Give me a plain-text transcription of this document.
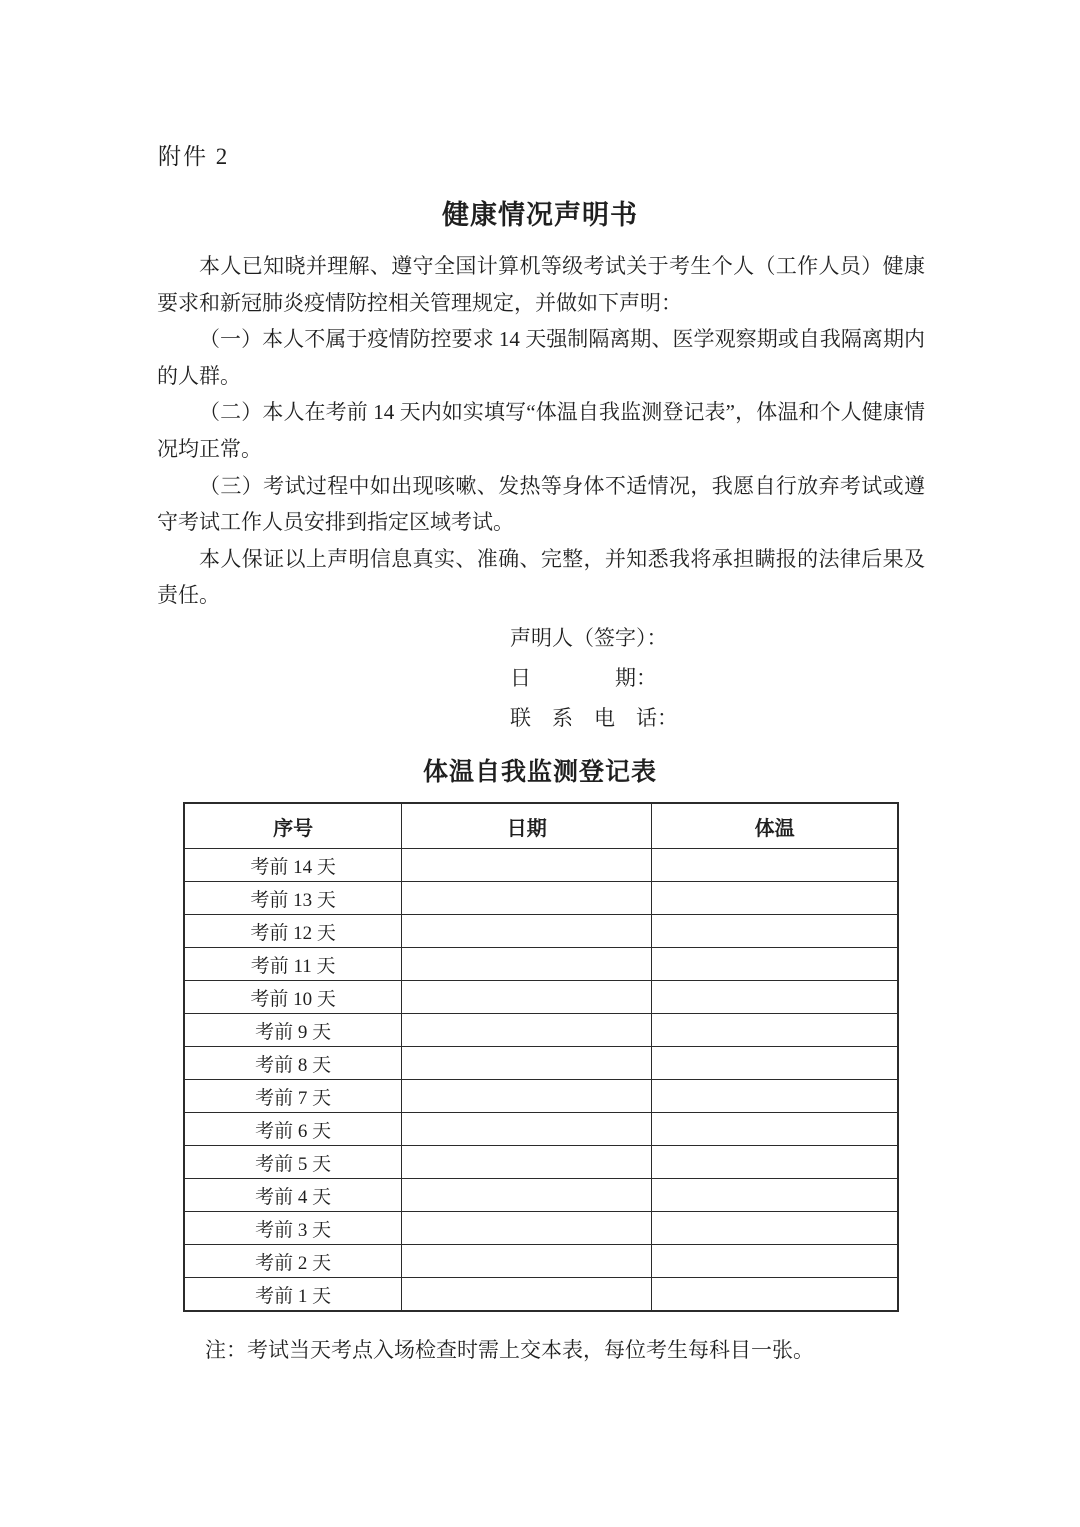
附件 2
健康情况声明书

本人已知晓并理解、遵守全国计算机等级考试关于考生个人（工作人员）健康要求和新冠肺炎疫情防控相关管理规定，并做如下声明：

（一）本人不属于疫情防控要求 14 天强制隔离期、医学观察期或自我隔离期内的人群。

（二）本人在考前 14 天内如实填写“体温自我监测登记表”，体温和个人健康情况均正常。

（三）考试过程中如出现咳嗽、发热等身体不适情况，我愿自行放弃考试或遵守考试工作人员安排到指定区域考试。

本人保证以上声明信息真实、准确、完整，并知悉我将承担瞒报的法律后果及责任。

声明人（签字）：
日　　　　期：
联　系　电　话：
体温自我监测登记表
序号	日期	体温
考前 14 天		
考前 13 天		
考前 12 天		
考前 11 天		
考前 10 天		
考前 9 天		
考前 8 天		
考前 7 天		
考前 6 天		
考前 5 天		
考前 4 天		
考前 3 天		
考前 2 天		
考前 1 天		
注：考试当天考点入场检查时需上交本表，每位考生每科目一张。
